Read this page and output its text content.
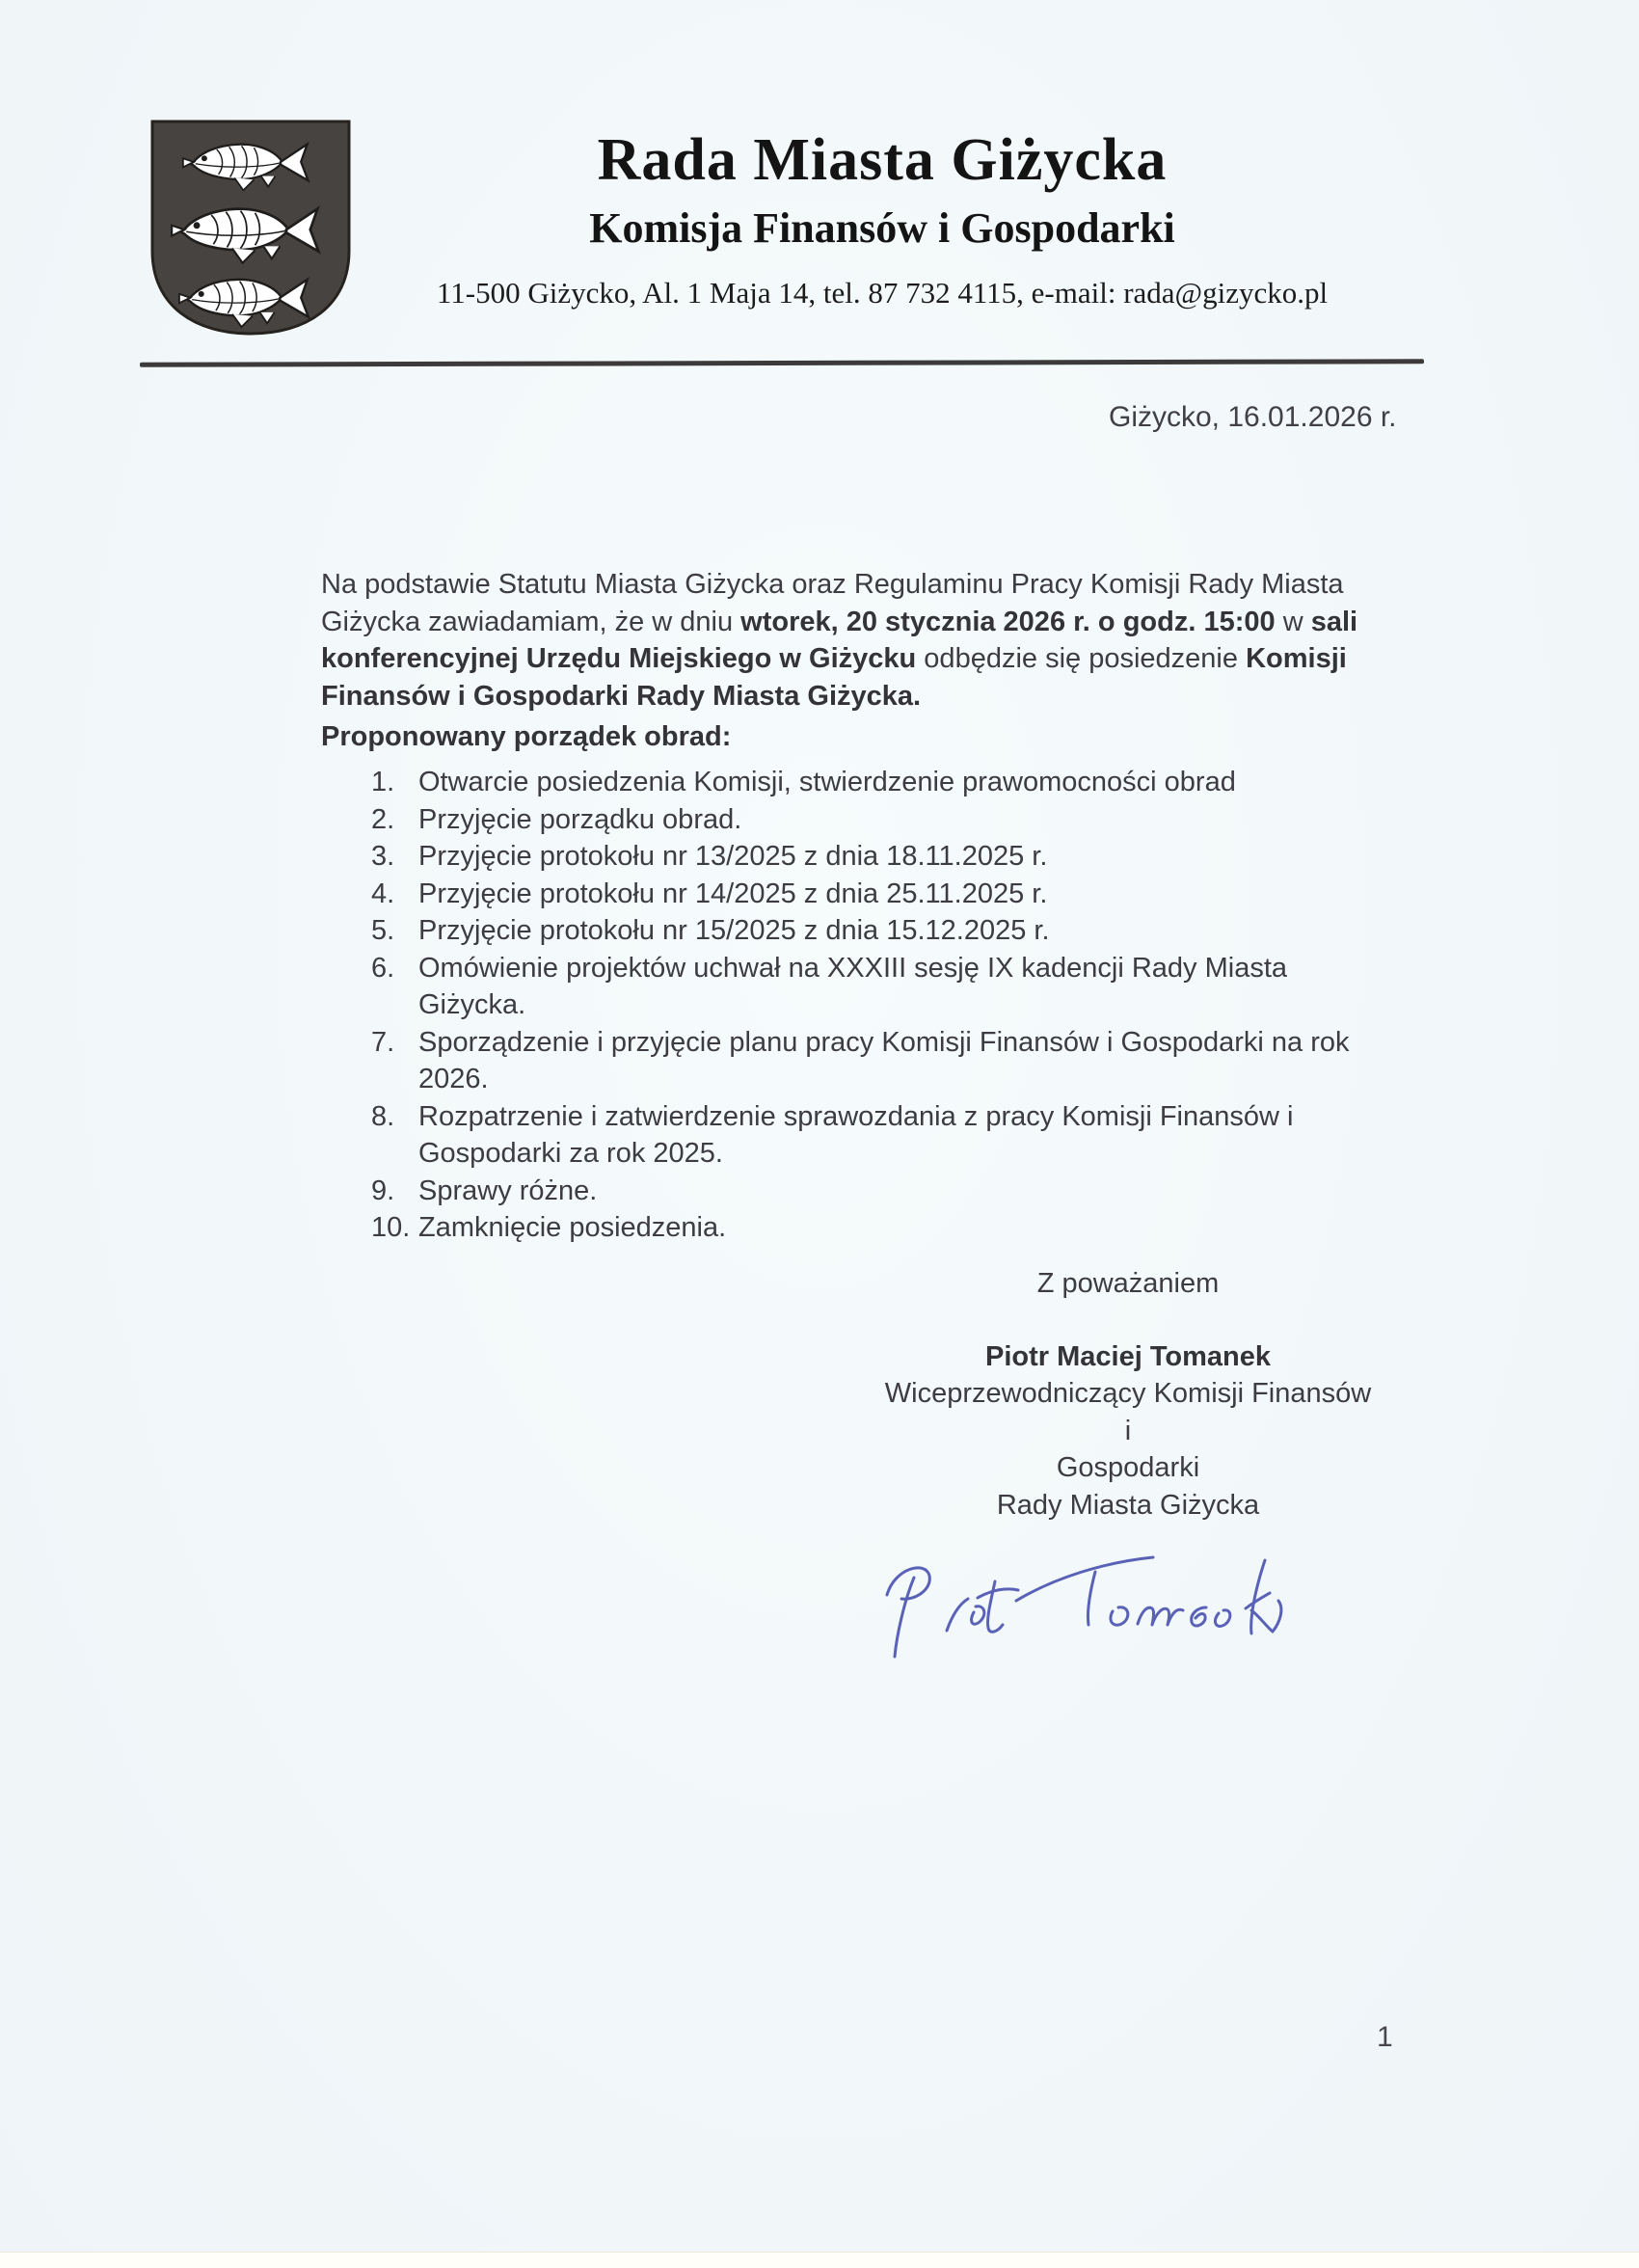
Rada Miasta Giżycka
Komisja Finansów i Gospodarki
11-500 Giżycko, Al. 1 Maja 14, tel. 87 732 4115, e-mail: rada@gizycko.pl
Giżycko, 16.01.2026 r.

Na podstawie Statutu Miasta Giżycka oraz Regulaminu Pracy Komisji Rady Miasta Giżycka zawiadamiam, że w dniu wtorek, 20 stycznia 2026 r. o godz. 15:00 w sali konferencyjnej Urzędu Miejskiego w Giżycku odbędzie się posiedzenie Komisji Finansów i Gospodarki Rady Miasta Giżycka.

Proponowany porządek obrad:
1. Otwarcie posiedzenia Komisji, stwierdzenie prawomocności obrad
2. Przyjęcie porządku obrad.
3. Przyjęcie protokołu nr 13/2025 z dnia 18.11.2025 r.
4. Przyjęcie protokołu nr 14/2025 z dnia 25.11.2025 r.
5. Przyjęcie protokołu nr 15/2025 z dnia 15.12.2025 r.
6. Omówienie projektów uchwał na XXXIII sesję IX kadencji Rady Miasta Giżycka.
7. Sporządzenie i przyjęcie planu pracy Komisji Finansów i Gospodarki na rok 2026.
8. Rozpatrzenie i zatwierdzenie sprawozdania z pracy Komisji Finansów i Gospodarki za rok 2025.
9. Sprawy różne.
10. Zamknięcie posiedzenia.
Z poważaniem
Piotr Maciej Tomanek
Wiceprzewodniczący Komisji Finansów i
Gospodarki
Rady Miasta Giżycka
1
